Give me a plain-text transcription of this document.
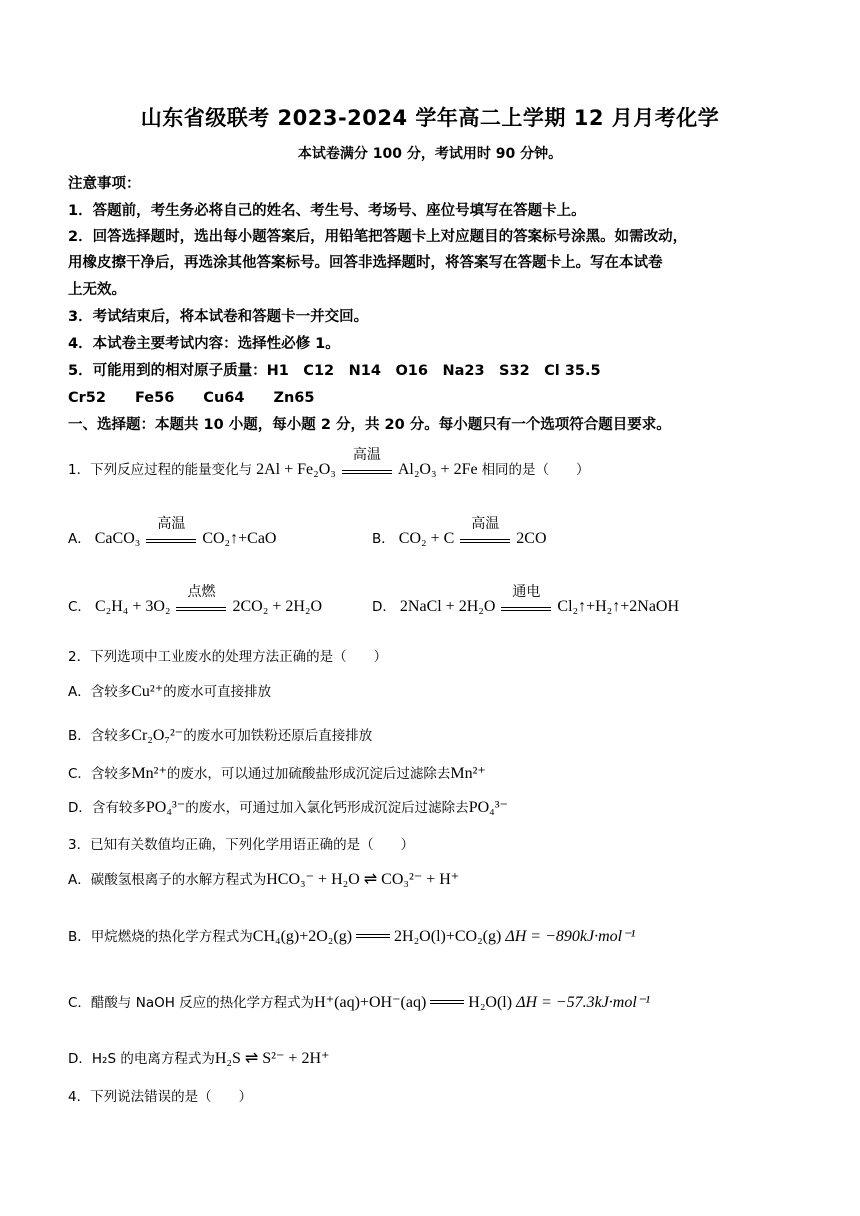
山东省级联考 2023-2024 学年高二上学期 12 月月考化学
本试卷满分 100 分，考试用时 90 分钟。
注意事项：
1．答题前，考生务必将自己的姓名、考生号、考场号、座位号填写在答题卡上。
2．回答选择题时，选出每小题答案后，用铅笔把答题卡上对应题目的答案标号涂黑。如需改动，
用橡皮擦干净后，再选涂其他答案标号。回答非选择题时，将答案写在答题卡上。写在本试卷
上无效。
3．考试结束后，将本试卷和答题卡一并交回。
4．本试卷主要考试内容：选择性必修 1。
5．可能用到的相对原子质量：H1　C12　N14　O16　Na23　S32　Cl 35.5
Cr52　　Fe56　　Cu64　　Zn65
一、选择题：本题共 10 小题，每小题 2 分，共 20 分。每小题只有一个选项符合题目要求。
1．下列反应过程的能量变化与 2Al + Fe₂O₃
高温
Al₂O₃ + 2Fe 相同的是（　　）
A． CaCO₃
高温
CO₂↑+CaO	B． CO₂ + C
高温
2CO
C． C₂H₄ + 3O₂
点燃
2CO₂ + 2H₂O	D． 2NaCl + 2H₂O
通电
Cl₂↑+H₂↑+2NaOH
2．下列选项中工业废水的处理方法正确的是（　　）
A．含较多Cu²⁺的废水可直接排放
B．含较多Cr₂O₇²⁻的废水可加铁粉还原后直接排放
C．含较多Mn²⁺的废水，可以通过加硫酸盐形成沉淀后过滤除去Mn²⁺
D．含有较多PO₄³⁻的废水，可通过加入氯化钙形成沉淀后过滤除去PO₄³⁻
3．已知有关数值均正确，下列化学用语正确的是（　　）
A．碳酸氢根离子的水解方程式为HCO₃⁻ + H₂O ⇌ CO₃²⁻ + H⁺
B．甲烷燃烧的热化学方程式为CH₄(g)+2O₂(g)	2H₂O(l)+CO₂(g) ΔH = −890kJ·mol⁻¹
C．醋酸与 NaOH 反应的热化学方程式为H⁺(aq)+OH⁻(aq)	H₂O(l) ΔH = −57.3kJ·mol⁻¹
D．H₂S 的电离方程式为H₂S ⇌ S²⁻ + 2H⁺
4．下列说法错误的是（　　）
